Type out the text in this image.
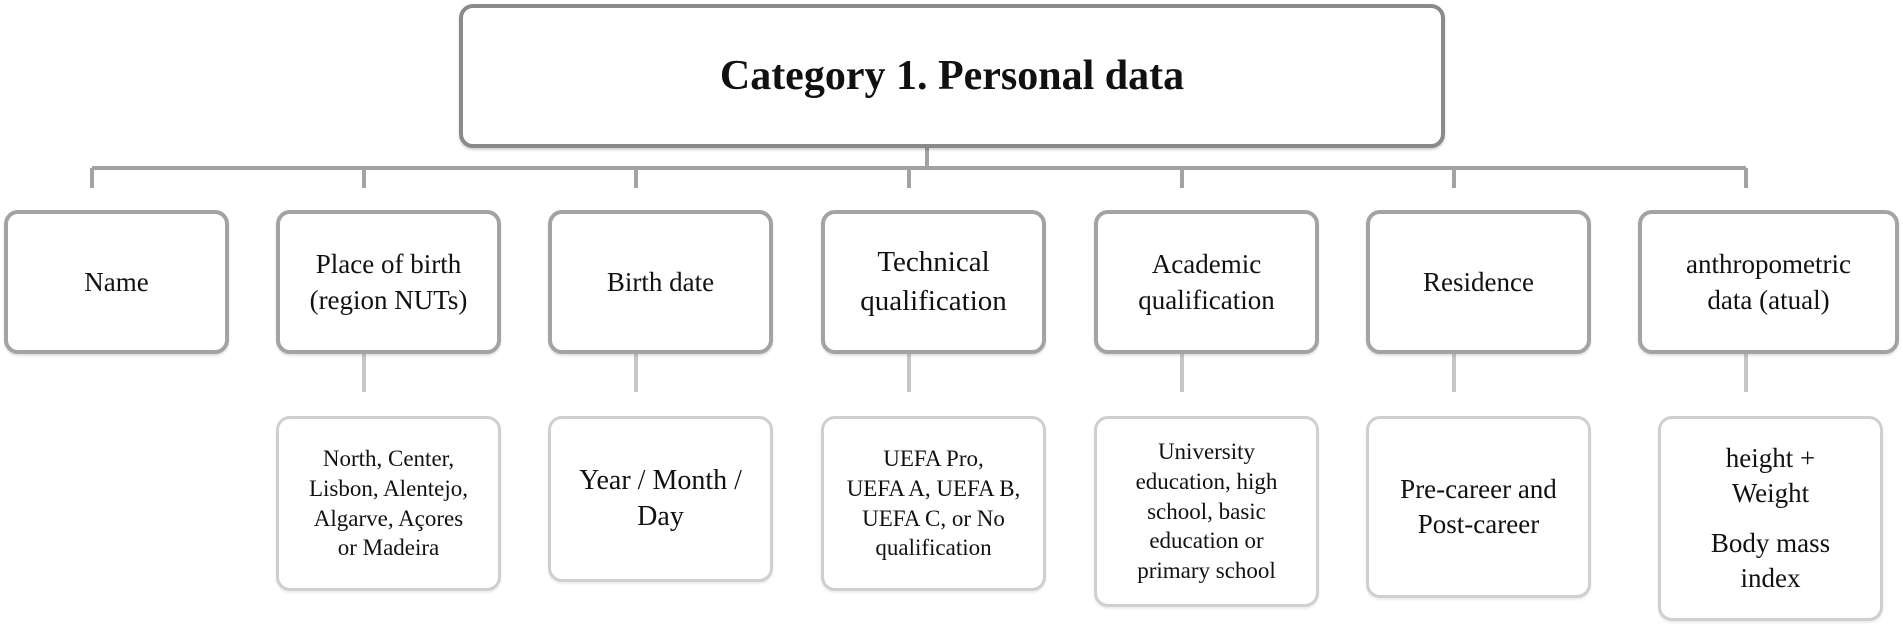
Category 1. Personal data
Name
Place of birth
(region NUTs)
Birth date
Technical
qualification
Academic
qualification
Residence
anthropometric
data (atual)
North, Center,
Lisbon, Alentejo,
Algarve, Açores
or Madeira
Year / Month /
Day
UEFA Pro,
UEFA A, UEFA B,
UEFA C, or No
qualification
University
education, high
school, basic
education or
primary school
Pre-career and
Post-career
height +
Weight
Body mass
index
